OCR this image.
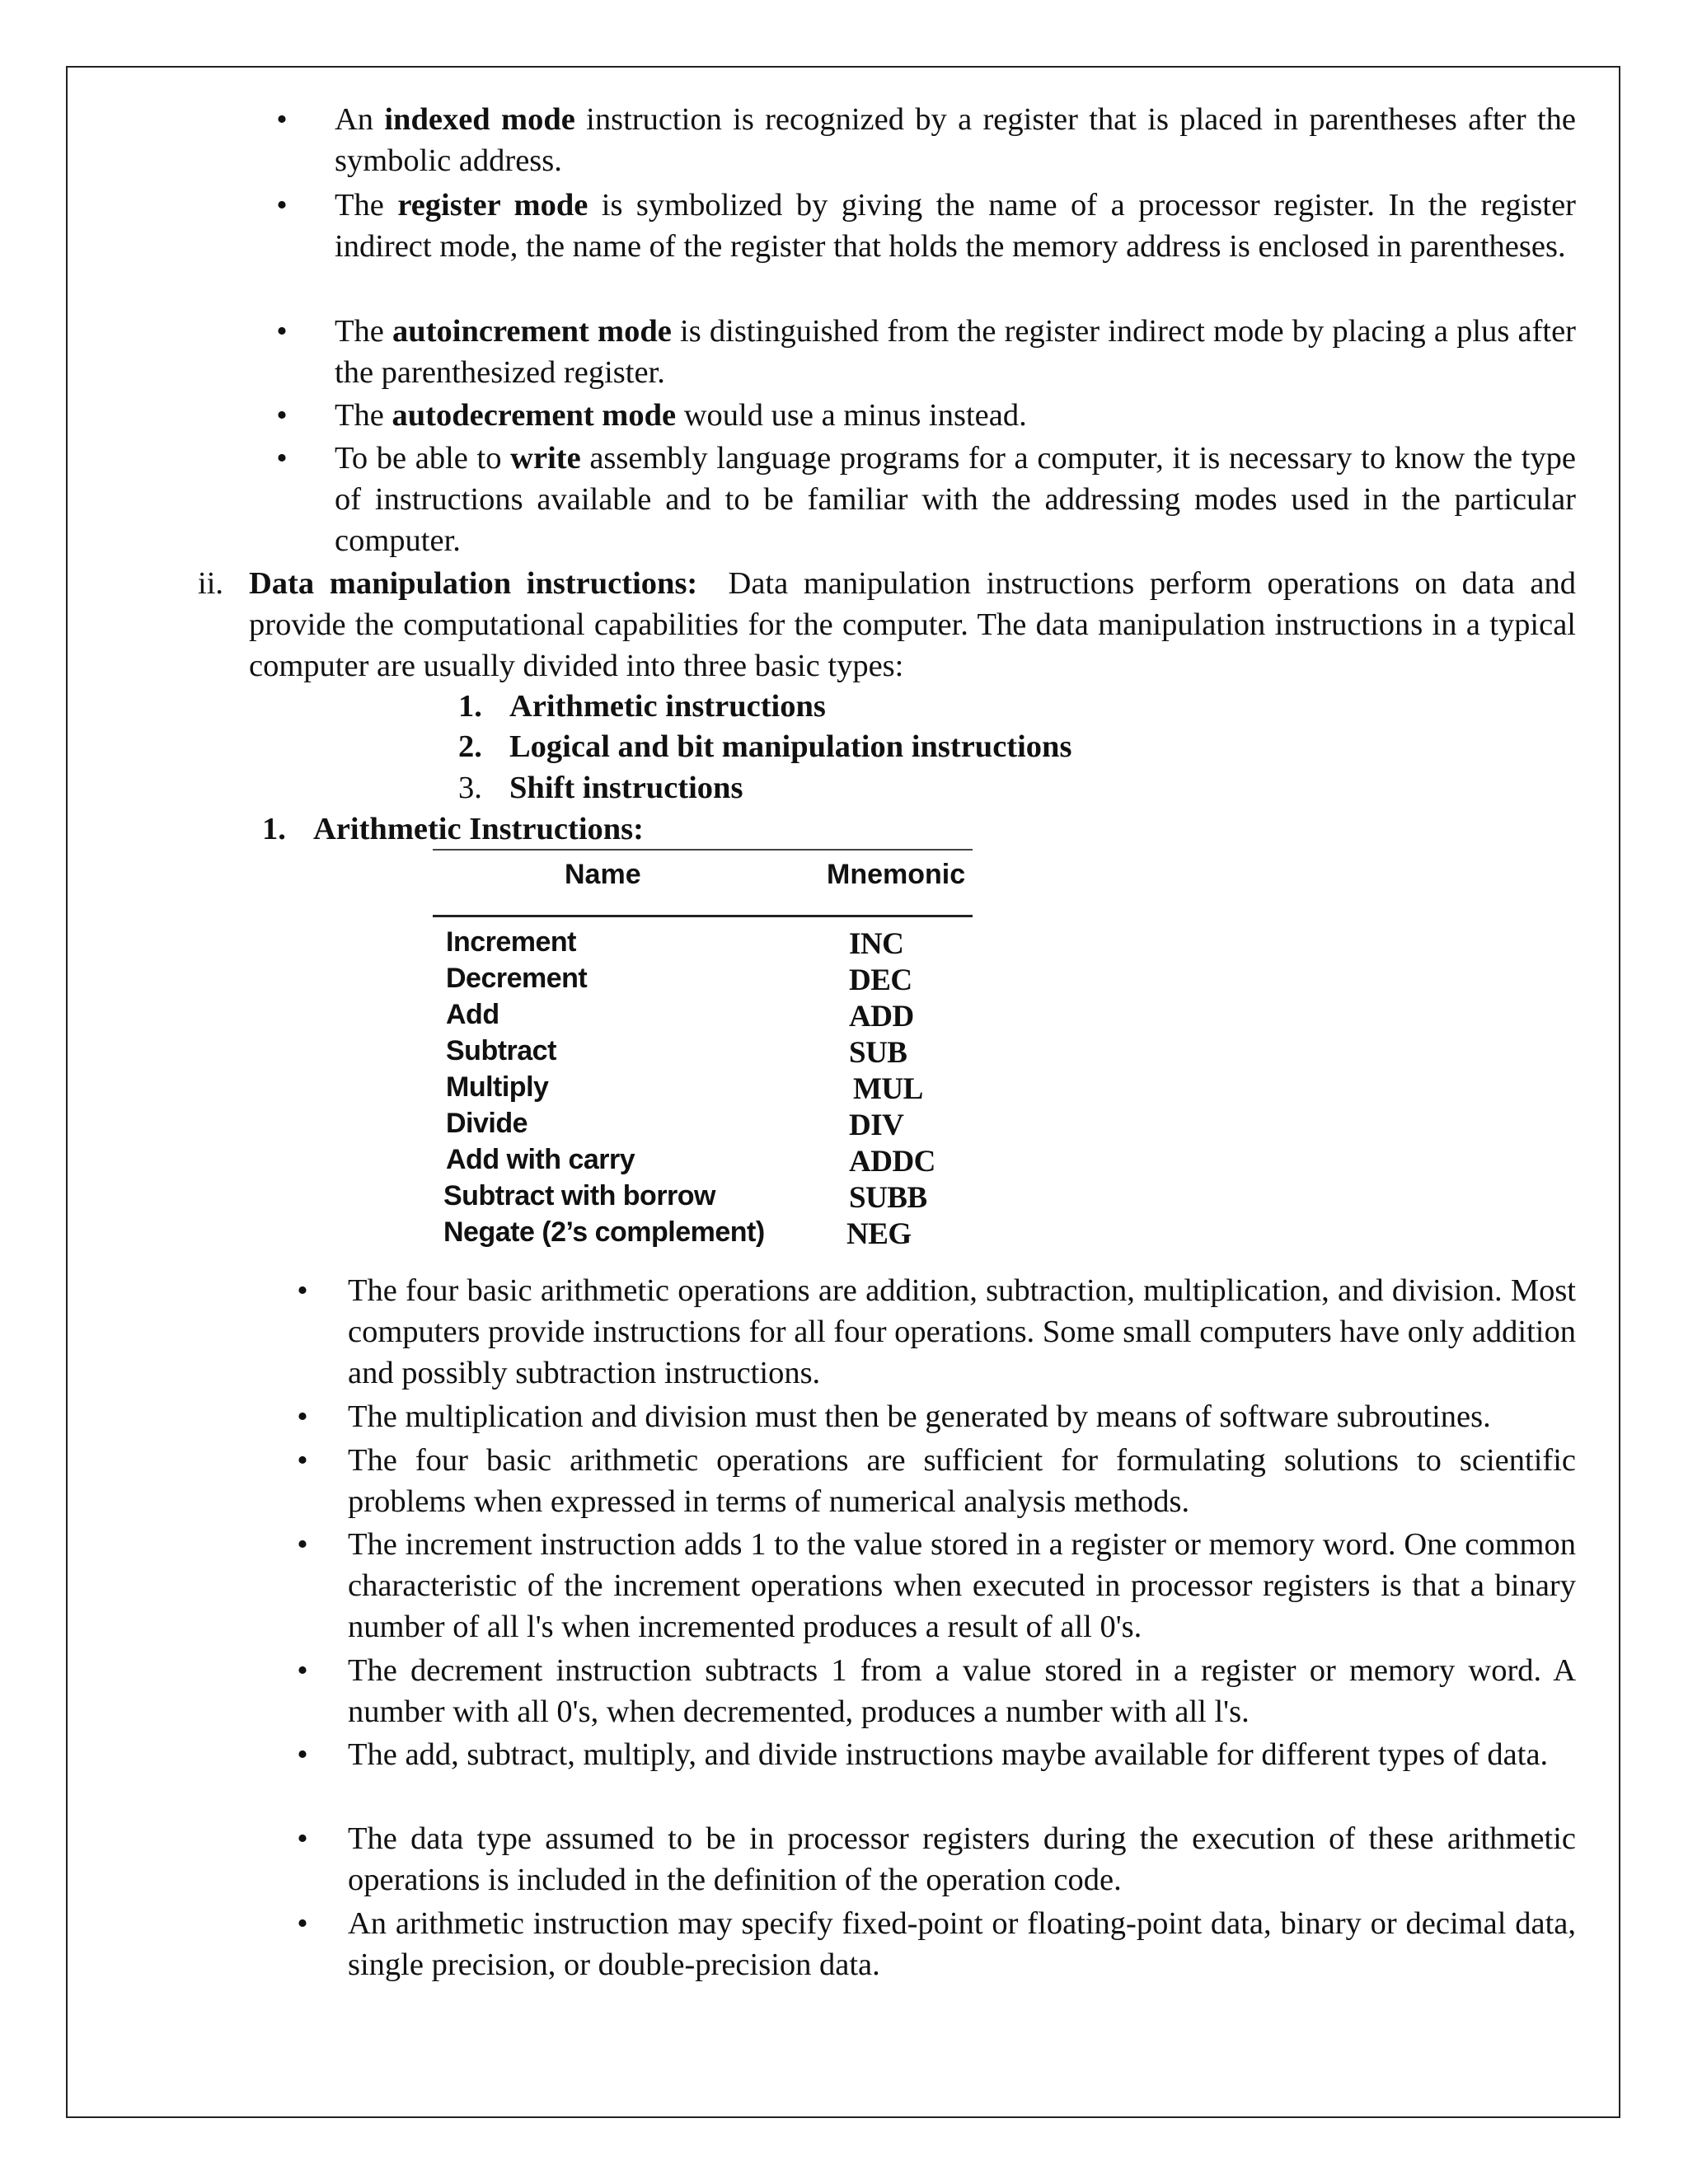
• An indexed mode instruction is recognized by a register that is placed in parentheses after the symbolic address.
• The register mode is symbolized by giving the name of a processor register. In the register indirect mode, the name of the register that holds the memory address is enclosed in parentheses.
• The autoincrement mode is distinguished from the register indirect mode by placing a plus after the parenthesized register.
• The autodecrement mode would use a minus instead.
• To be able to write assembly language programs for a computer, it is necessary to know the type of instructions available and to be familiar with the addressing modes used in the particular computer.
ii. Data manipulation instructions: Data manipulation instructions perform operations on data and provide the computational capabilities for the computer. The data manipulation instructions in a typical computer are usually divided into three basic types:
1. Arithmetic instructions
2. Logical and bit manipulation instructions
3. Shift instructions
1. Arithmetic Instructions:
Name	Mnemonic
Increment	INC
Decrement	DEC
Add	ADD
Subtract	SUB
Multiply	MUL
Divide	DIV
Add with carry	ADDC
Subtract with borrow	SUBB
Negate (2’s complement)	NEG
• The four basic arithmetic operations are addition, subtraction, multiplication, and division. Most computers provide instructions for all four operations. Some small computers have only addition and possibly subtraction instructions.
• The multiplication and division must then be generated by means of software subroutines.
• The four basic arithmetic operations are sufficient for formulating solutions to scientific problems when expressed in terms of numerical analysis methods.
• The increment instruction adds 1 to the value stored in a register or memory word. One common characteristic of the increment operations when executed in processor registers is that a binary number of all l's when incremented produces a result of all 0's.
• The decrement instruction subtracts 1 from a value stored in a register or memory word. A number with all 0's, when decremented, produces a number with all l's.
• The add, subtract, multiply, and divide instructions maybe available for different types of data.
• The data type assumed to be in processor registers during the execution of these arithmetic operations is included in the definition of the operation code.
• An arithmetic instruction may specify fixed-point or floating-point data, binary or decimal data, single precision, or double-precision data.
